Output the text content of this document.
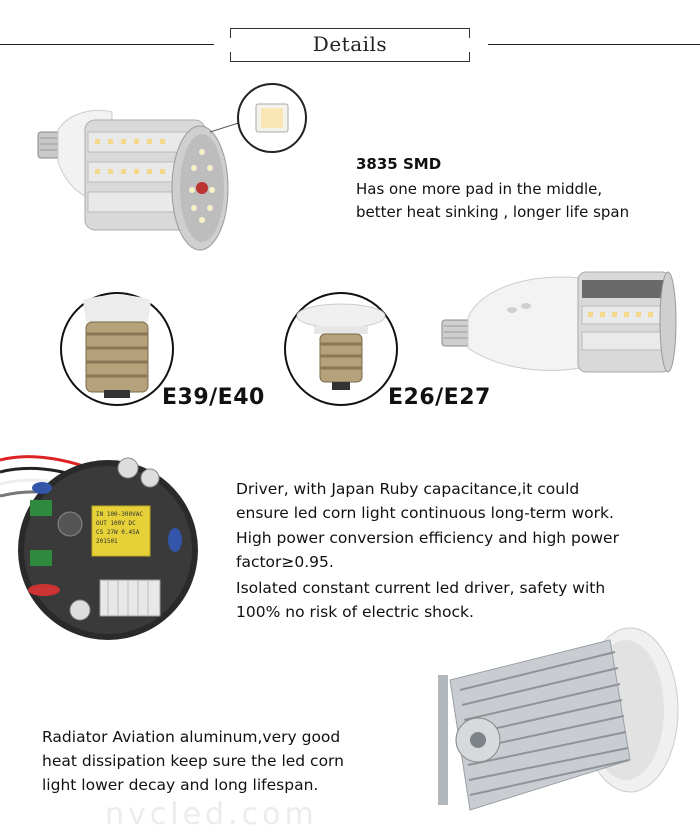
Details
3835 SMD
Has one more pad in the middle,
better heat sinking , longer life span
E39/E40	E26/E27
IN 100-300VAC
OUT 100V DC
CS 27W 0.45A
201501
Driver, with Japan Ruby capacitance,it could
ensure led corn light continuous long-term work.
High power conversion efficiency and high power
factor≥0.95.
Isolated constant current led driver, safety with
100% no risk of electric shock.
Radiator Aviation aluminum,very good
heat dissipation keep sure the led corn
light lower decay and long lifespan.
nvcled.com
